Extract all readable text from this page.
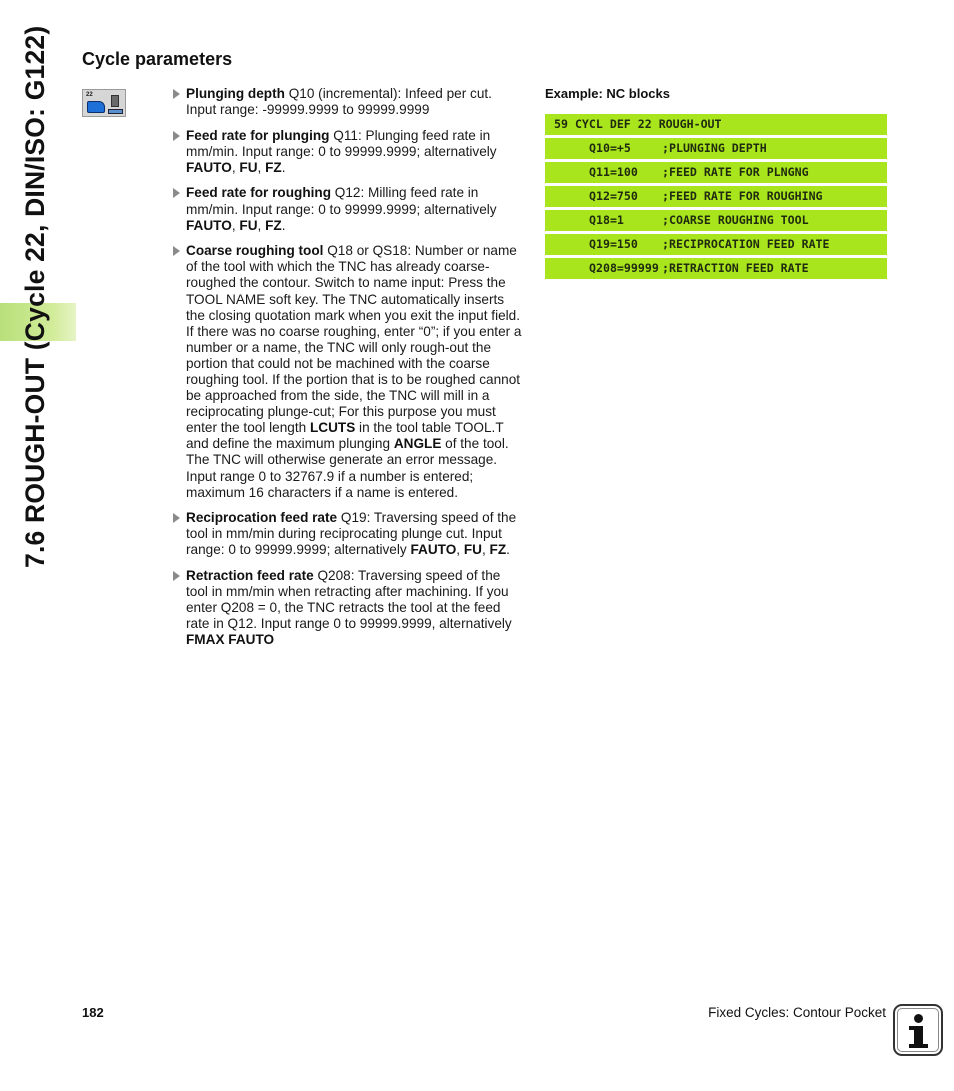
7.6 ROUGH-OUT (Cycle 22, DIN/ISO: G122) Cycle parameters
22	Plunging depth Q10 (incremental): Infeed per cut. Input range: -99999.9999 to 99999.9999
Feed rate for plunging Q11: Plunging feed rate in mm/min. Input range: 0 to 99999.9999; alternatively FAUTO, FU, FZ.
Feed rate for roughing Q12: Milling feed rate in mm/min. Input range: 0 to 99999.9999; alternatively FAUTO, FU, FZ.
Coarse roughing tool Q18 or QS18: Number or name of the tool with which the TNC has already coarse-roughed the contour. Switch to name input: Press the TOOL NAME soft key. The TNC automatically inserts the closing quotation mark when you exit the input field. If there was no coarse roughing, enter “0”; if you enter a number or a name, the TNC will only rough-out the portion that could not be machined with the coarse roughing tool. If the portion that is to be roughed cannot be approached from the side, the TNC will mill in a reciprocating plunge-cut; For this purpose you must enter the tool length LCUTS in the tool table TOOL.T and define the maximum plunging ANGLE of the tool. The TNC will otherwise generate an error message. Input range 0 to 32767.9 if a number is entered; maximum 16 characters if a name is entered.
Reciprocation feed rate Q19: Traversing speed of the tool in mm/min during reciprocating plunge cut. Input range: 0 to 99999.9999; alternatively FAUTO, FU, FZ.
Retraction feed rate Q208: Traversing speed of the tool in mm/min when retracting after machining. If you enter Q208 = 0, the TNC retracts the tool at the feed rate in Q12. Input range 0 to 99999.9999, alternatively FMAX FAUTO
Example: NC blocks
59 CYCL DEF 22 ROUGH-OUT
Q10=+5	;PLUNGING DEPTH
Q11=100 ;FEED RATE FOR PLNGNG
Q12=750 ;FEED RATE FOR ROUGHING
Q18=1	;COARSE ROUGHING TOOL
Q19=150 ;RECIPROCATION FEED RATE
Q208=99999 ;RETRACTION FEED RATE
182	Fixed Cycles: Contour Pocket
